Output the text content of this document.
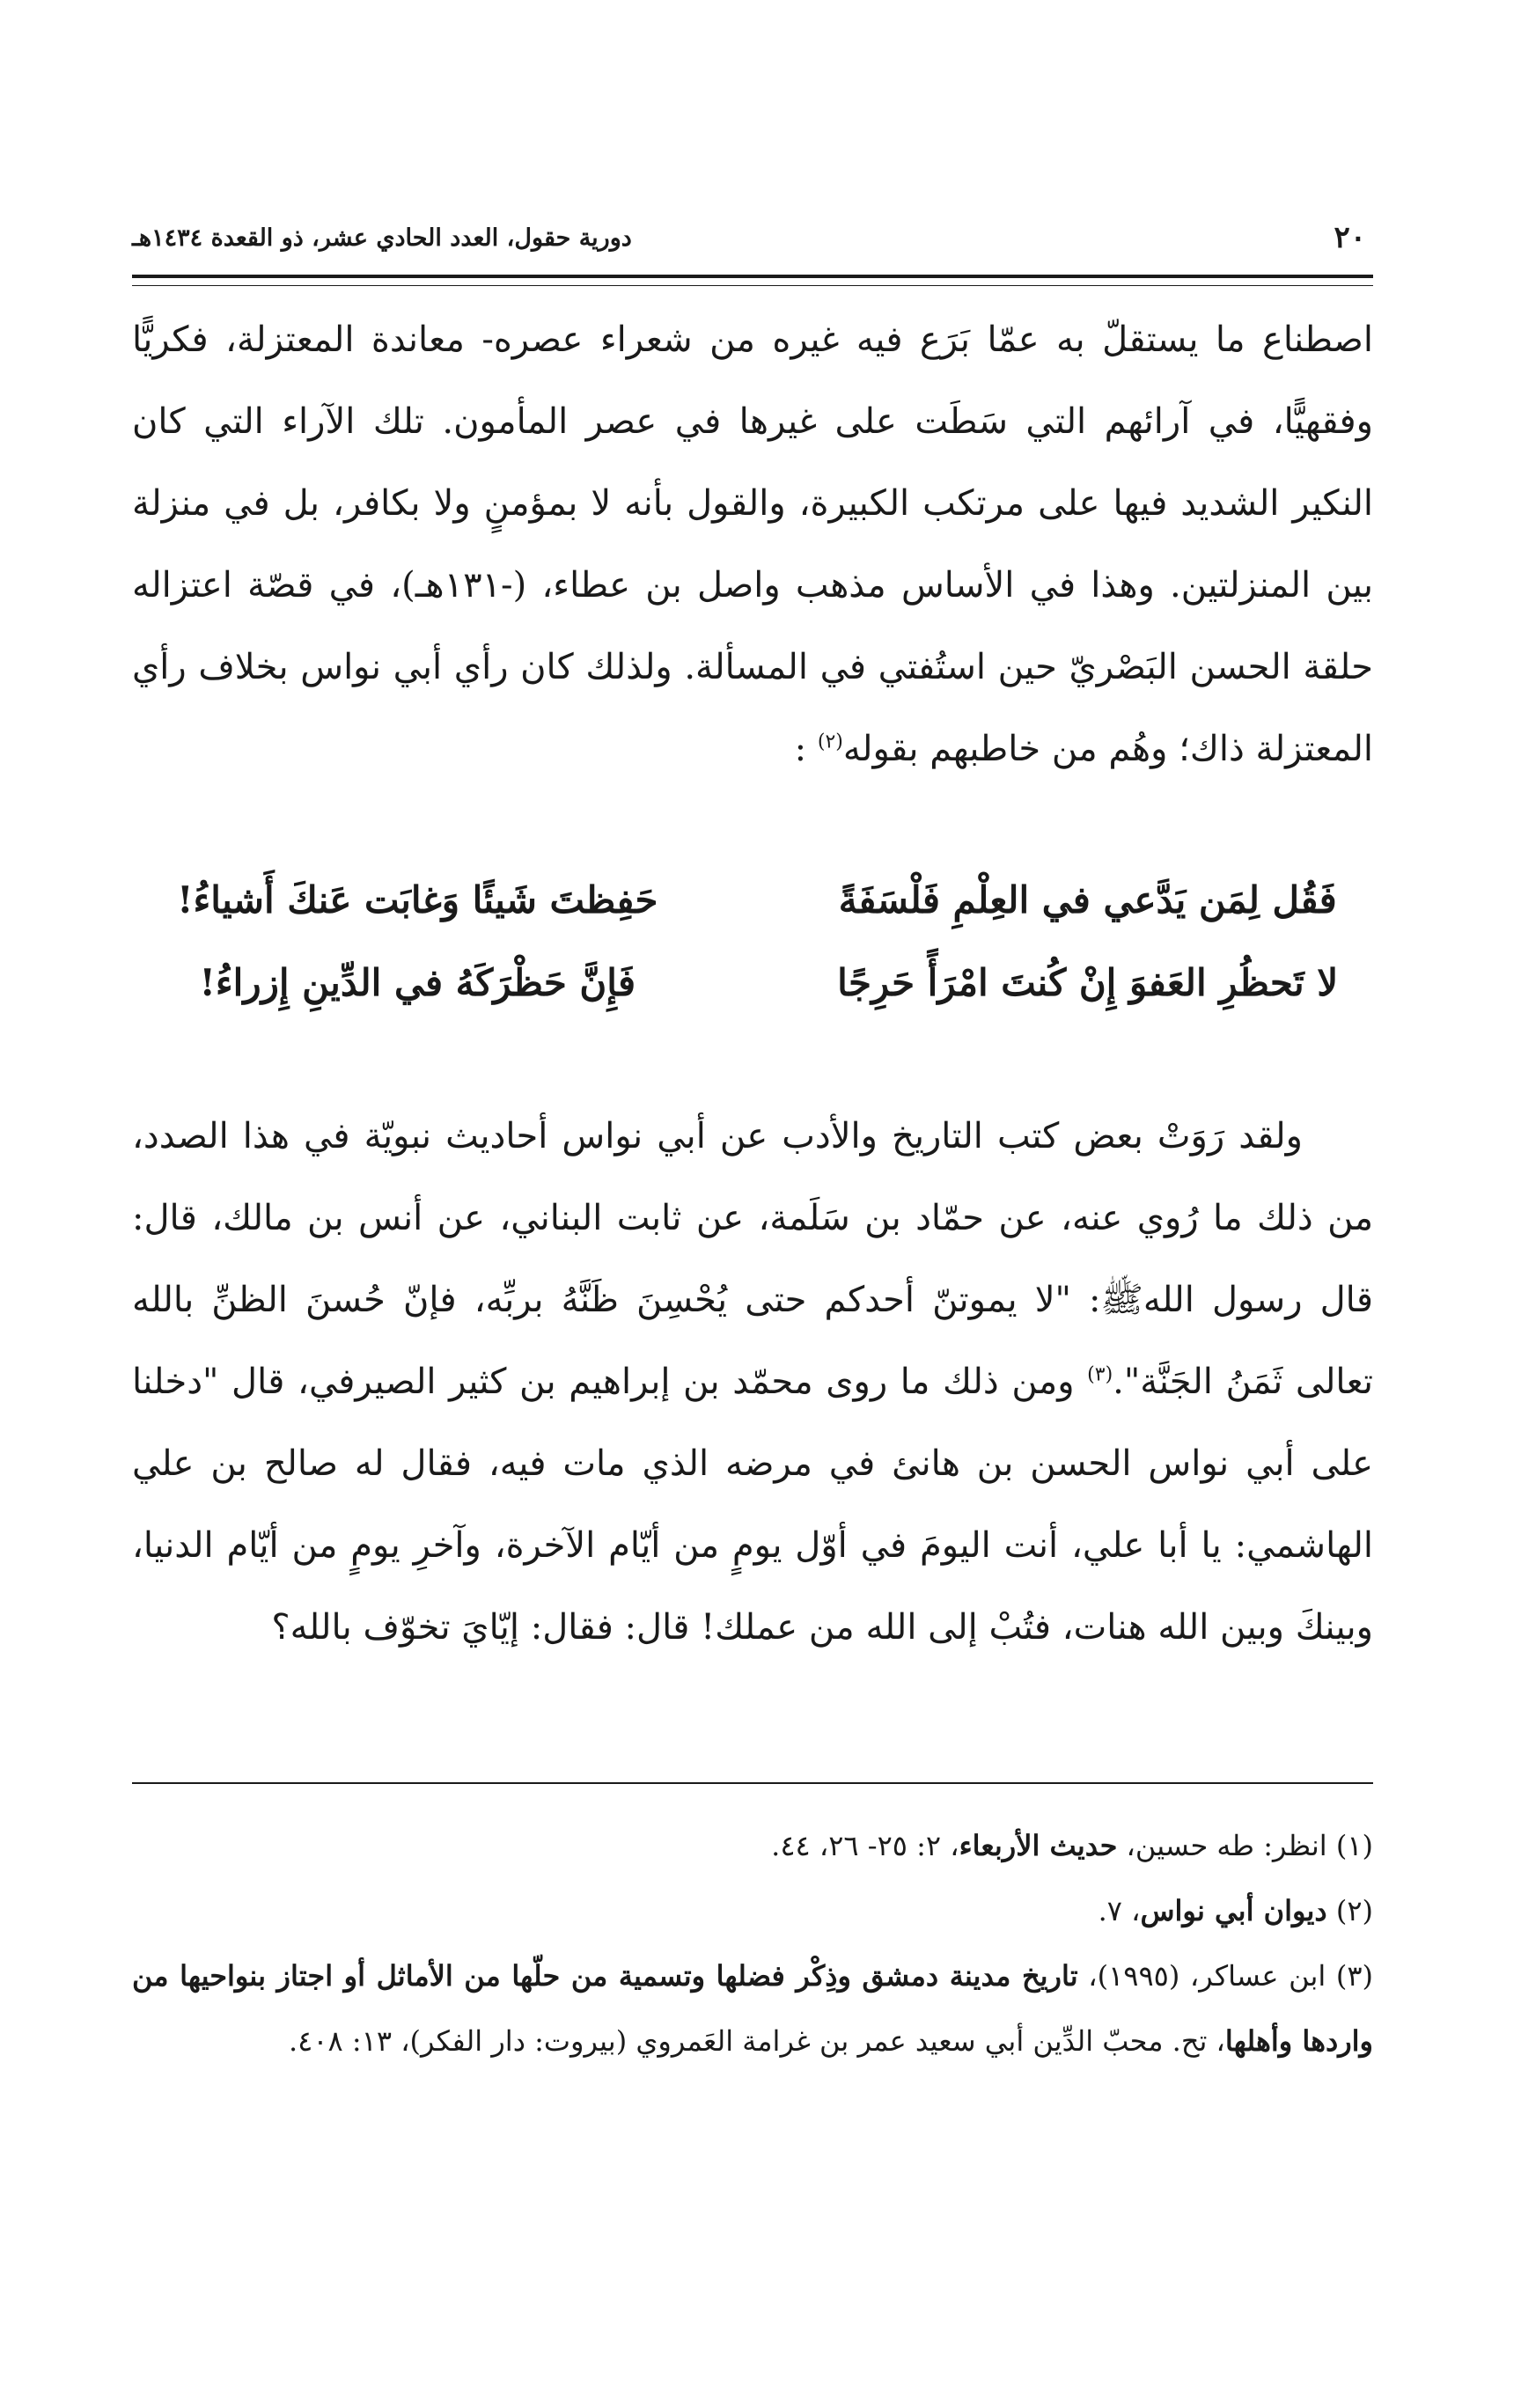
٢٠
دورية حقول، العدد الحادي عشر، ذو القعدة ١٤٣٤هـ

اصطناع ما يستقلّ به عمّا بَرَع فيه غيره من شعراء عصره- معاندة المعتزلة، فكريًّا وفقهيًّا، في آرائهم التي سَطَت على غيرها في عصر المأمون. تلك الآراء التي كان النكير الشديد فيها على مرتكب الكبيرة، والقول بأنه لا بمؤمنٍ ولا بكافر، بل في منزلة بين المنزلتين. وهذا في الأساس مذهب واصل بن عطاء، (-١٣١هـ)، في قصّة اعتزاله حلقة الحسن البَصْريّ حين استُفتي في المسألة. ولذلك كان رأي أبي نواس بخلاف رأي المعتزلة ذاك؛ وهُم من خاطبهم بقوله$^{(٢)}$ :

فَقُل لِمَن يَدَّعي في العِلْمِ فَلْسَفَةً
حَفِظتَ شَيئًا وَغابَت عَنكَ أَشياءُ!
لا تَحظُرِ العَفوَ إِنْ كُنتَ امْرَأً حَرِجًا
فَإِنَّ حَظْرَكَهُ في الدِّينِ إِزراءُ!

ولقد رَوَتْ بعض كتب التاريخ والأدب عن أبي نواس أحاديث نبويّة في هذا الصدد، من ذلك ما رُوي عنه، عن حمّاد بن سَلَمة، عن ثابت البناني، عن أنس بن مالك، قال: قال رسول اللهﷺ: "لا يموتنّ أحدكم حتى يُحْسِنَ ظَنَّهُ بربِّه، فإنّ حُسنَ الظنِّ بالله تعالى ثَمَنُ الجَنَّة".$^{(٣)}$ ومن ذلك ما روى محمّد بن إبراهيم بن كثير الصيرفي، قال "دخلنا على أبي نواس الحسن بن هانئ في مرضه الذي مات فيه، فقال له صالح بن علي الهاشمي: يا أبا علي، أنت اليومَ في أوّل يومٍ من أيّام الآخرة، وآخرِ يومٍ من أيّام الدنيا، وبينكَ وبين الله هنات، فتُبْ إلى الله من عملك! قال: فقال: إيّايَ تخوّف بالله؟

(١) انظر: طه حسين، حديث الأربعاء، ٢: ٢٥- ٢٦، ٤٤.

(٢) ديوان أبي نواس، ٧.

(٣) ابن عساكر، (١٩٩٥)، تاريخ مدينة دمشق وذِكْر فضلها وتسمية من حلّها من الأماثل أو اجتاز بنواحيها من واردها وأهلها، تح. محبّ الدِّين أبي سعيد عمر بن غرامة العَمروي (بيروت: دار الفكر)، ١٣: ٤٠٨.
